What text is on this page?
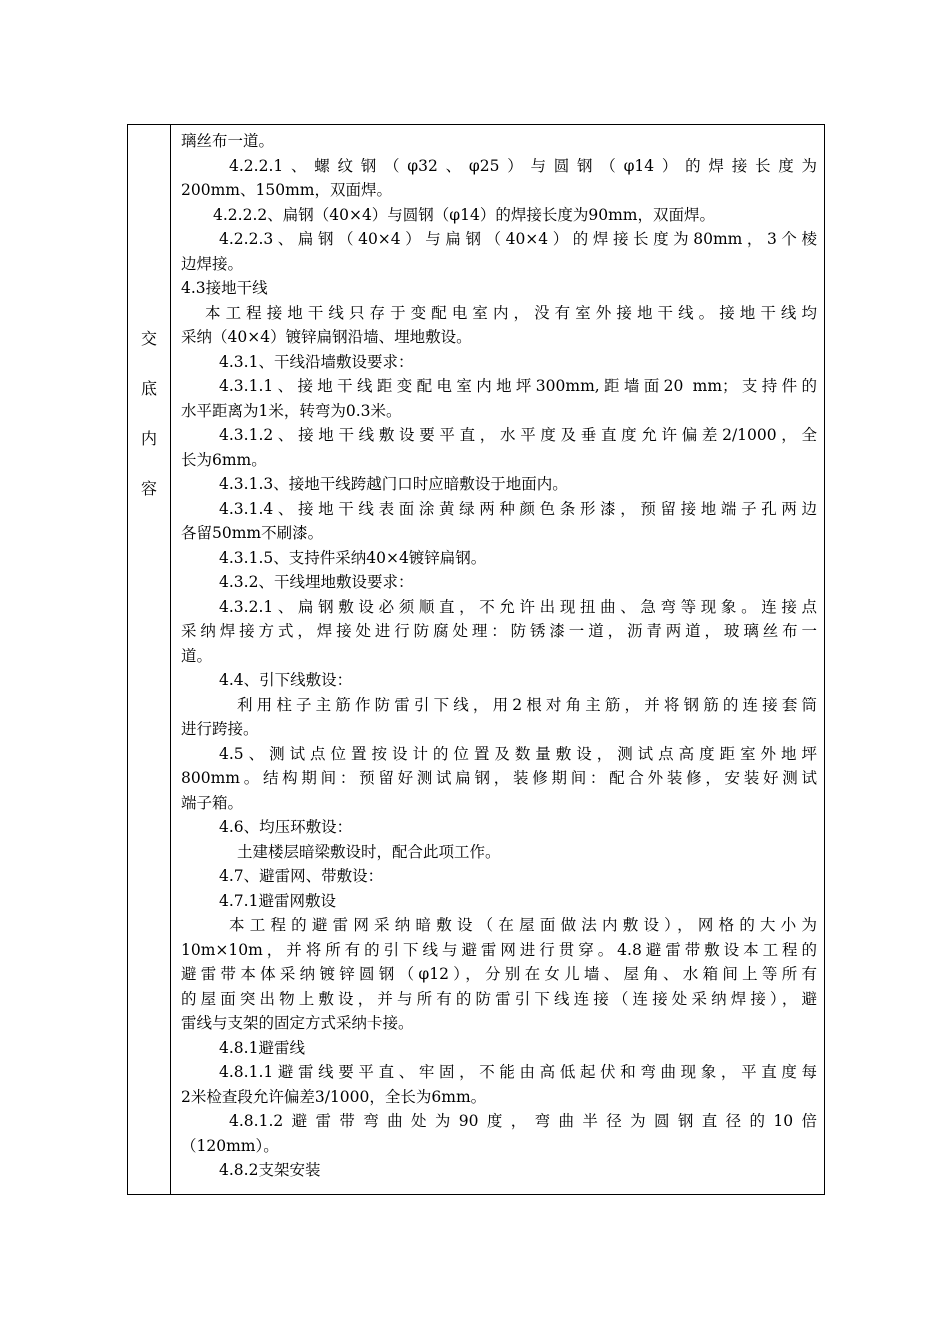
交
底
内
容
璃丝布一道。
4.2.2.1、螺纹钢（φ32、φ25）与圆钢（φ14）的焊接长度为
200mm、150mm，双面焊。
4.2.2.2、扁钢（40×4）与圆钢（φ14）的焊接长度为90mm，双面焊。
4.2.2.3、扁钢（40×4）与扁钢（40×4）的焊接长度为80mm，3个棱
边焊接。
4.3接地干线
本工程接地干线只存于变配电室内，没有室外接地干线。接地干线均
采纳（40×4）镀锌扁钢沿墙、埋地敷设。
4.3.1、干线沿墙敷设要求：
4.3.1.1、接地干线距变配电室内地坪300mm,距墙面20 mm；支持件的
水平距离为1米，转弯为0.3米。
4.3.1.2、接地干线敷设要平直，水平度及垂直度允许偏差2/1000，全
长为6mm。
4.3.1.3、接地干线跨越门口时应暗敷设于地面内。
4.3.1.4、接地干线表面涂黄绿两种颜色条形漆，预留接地端子孔两边
各留50mm不刷漆。
4.3.1.5、支持件采纳40×4镀锌扁钢。
4.3.2、干线埋地敷设要求：
4.3.2.1、扁钢敷设必须顺直，不允许出现扭曲、急弯等现象。连接点
采纳焊接方式，焊接处进行防腐处理：防锈漆一道，沥青两道，玻璃丝布一
道。
4.4、引下线敷设：
利用柱子主筋作防雷引下线，用2根对角主筋，并将钢筋的连接套筒
进行跨接。
4.5、测试点位置按设计的位置及数量敷设，测试点高度距室外地坪
800mm。结构期间：预留好测试扁钢，装修期间：配合外装修，安装好测试
端子箱。
4.6、均压环敷设：
土建楼层暗梁敷设时，配合此项工作。
4.7、避雷网、带敷设：
4.7.1避雷网敷设
本工程的避雷网采纳暗敷设（在屋面做法内敷设），网格的大小为
10m×10m，并将所有的引下线与避雷网进行贯穿。4.8避雷带敷设本工程的
避雷带本体采纳镀锌圆钢（φ12），分别在女儿墙、屋角、水箱间上等所有
的屋面突出物上敷设，并与所有的防雷引下线连接（连接处采纳焊接），避
雷线与支架的固定方式采纳卡接。
4.8.1避雷线
4.8.1.1避雷线要平直、牢固，不能由高低起伏和弯曲现象，平直度每
2米检查段允许偏差3/1000，全长为6mm。
4.8.1.2避雷带弯曲处为90度，弯曲半径为圆钢直径的10倍
（120mm）。
4.8.2支架安装
